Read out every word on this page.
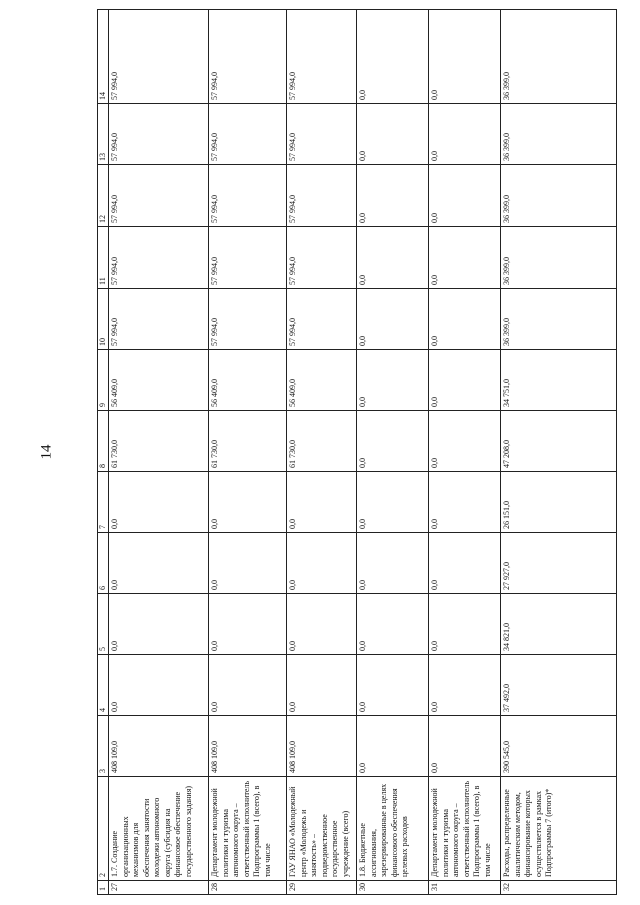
14
1	2	3	4	5	6	7	8	9	10	11	12	13	14
27	1.7. Создание организационных механизмов для обеспечения занятости молодежи автономного округа (субсидия на финансовое обеспечение государственного задания)	408 109,0	0,0	0,0	0,0	0,0	61 730,0	56 409,0	57 994,0	57 994,0	57 994,0	57 994,0	57 994,0
28	Департамент молодежной политики и туризма автономного округа – ответственный исполнитель Подпрограммы 1 (всего), в том числе	408 109,0	0,0	0,0	0,0	0,0	61 730,0	56 409,0	57 994,0	57 994,0	57 994,0	57 994,0	57 994,0
29	ГАУ ЯНАО «Молодежный центр «Молодежь и занятость» – подведомственное государственное учреждение (всего)	408 109,0	0,0	0,0	0,0	0,0	61 730,0	56 409,0	57 994,0	57 994,0	57 994,0	57 994,0	57 994,0
30	1.8. Бюджетные ассигнования, зарезервированные в целях финансового обеспечения целевых расходов	0,0	0,0	0,0	0,0	0,0	0,0	0,0	0,0	0,0	0,0	0,0	0,0
31	Департамент молодежной политики и туризма автономного округа – ответственный исполнитель Подпрограммы 1 (всего), в том числе	0,0	0,0	0,0	0,0	0,0	0,0	0,0	0,0	0,0	0,0	0,0	0,0
32	Расходы, распределенные аналитическим методом, финансирование которых осуществляется в рамках Подпрограммы 7 (итого)*	390 545,0	37 492,0	34 821,0	27 927,0	26 151,0	47 208,0	34 751,0	36 399,0	36 399,0	36 399,0	36 399,0	36 399,0
